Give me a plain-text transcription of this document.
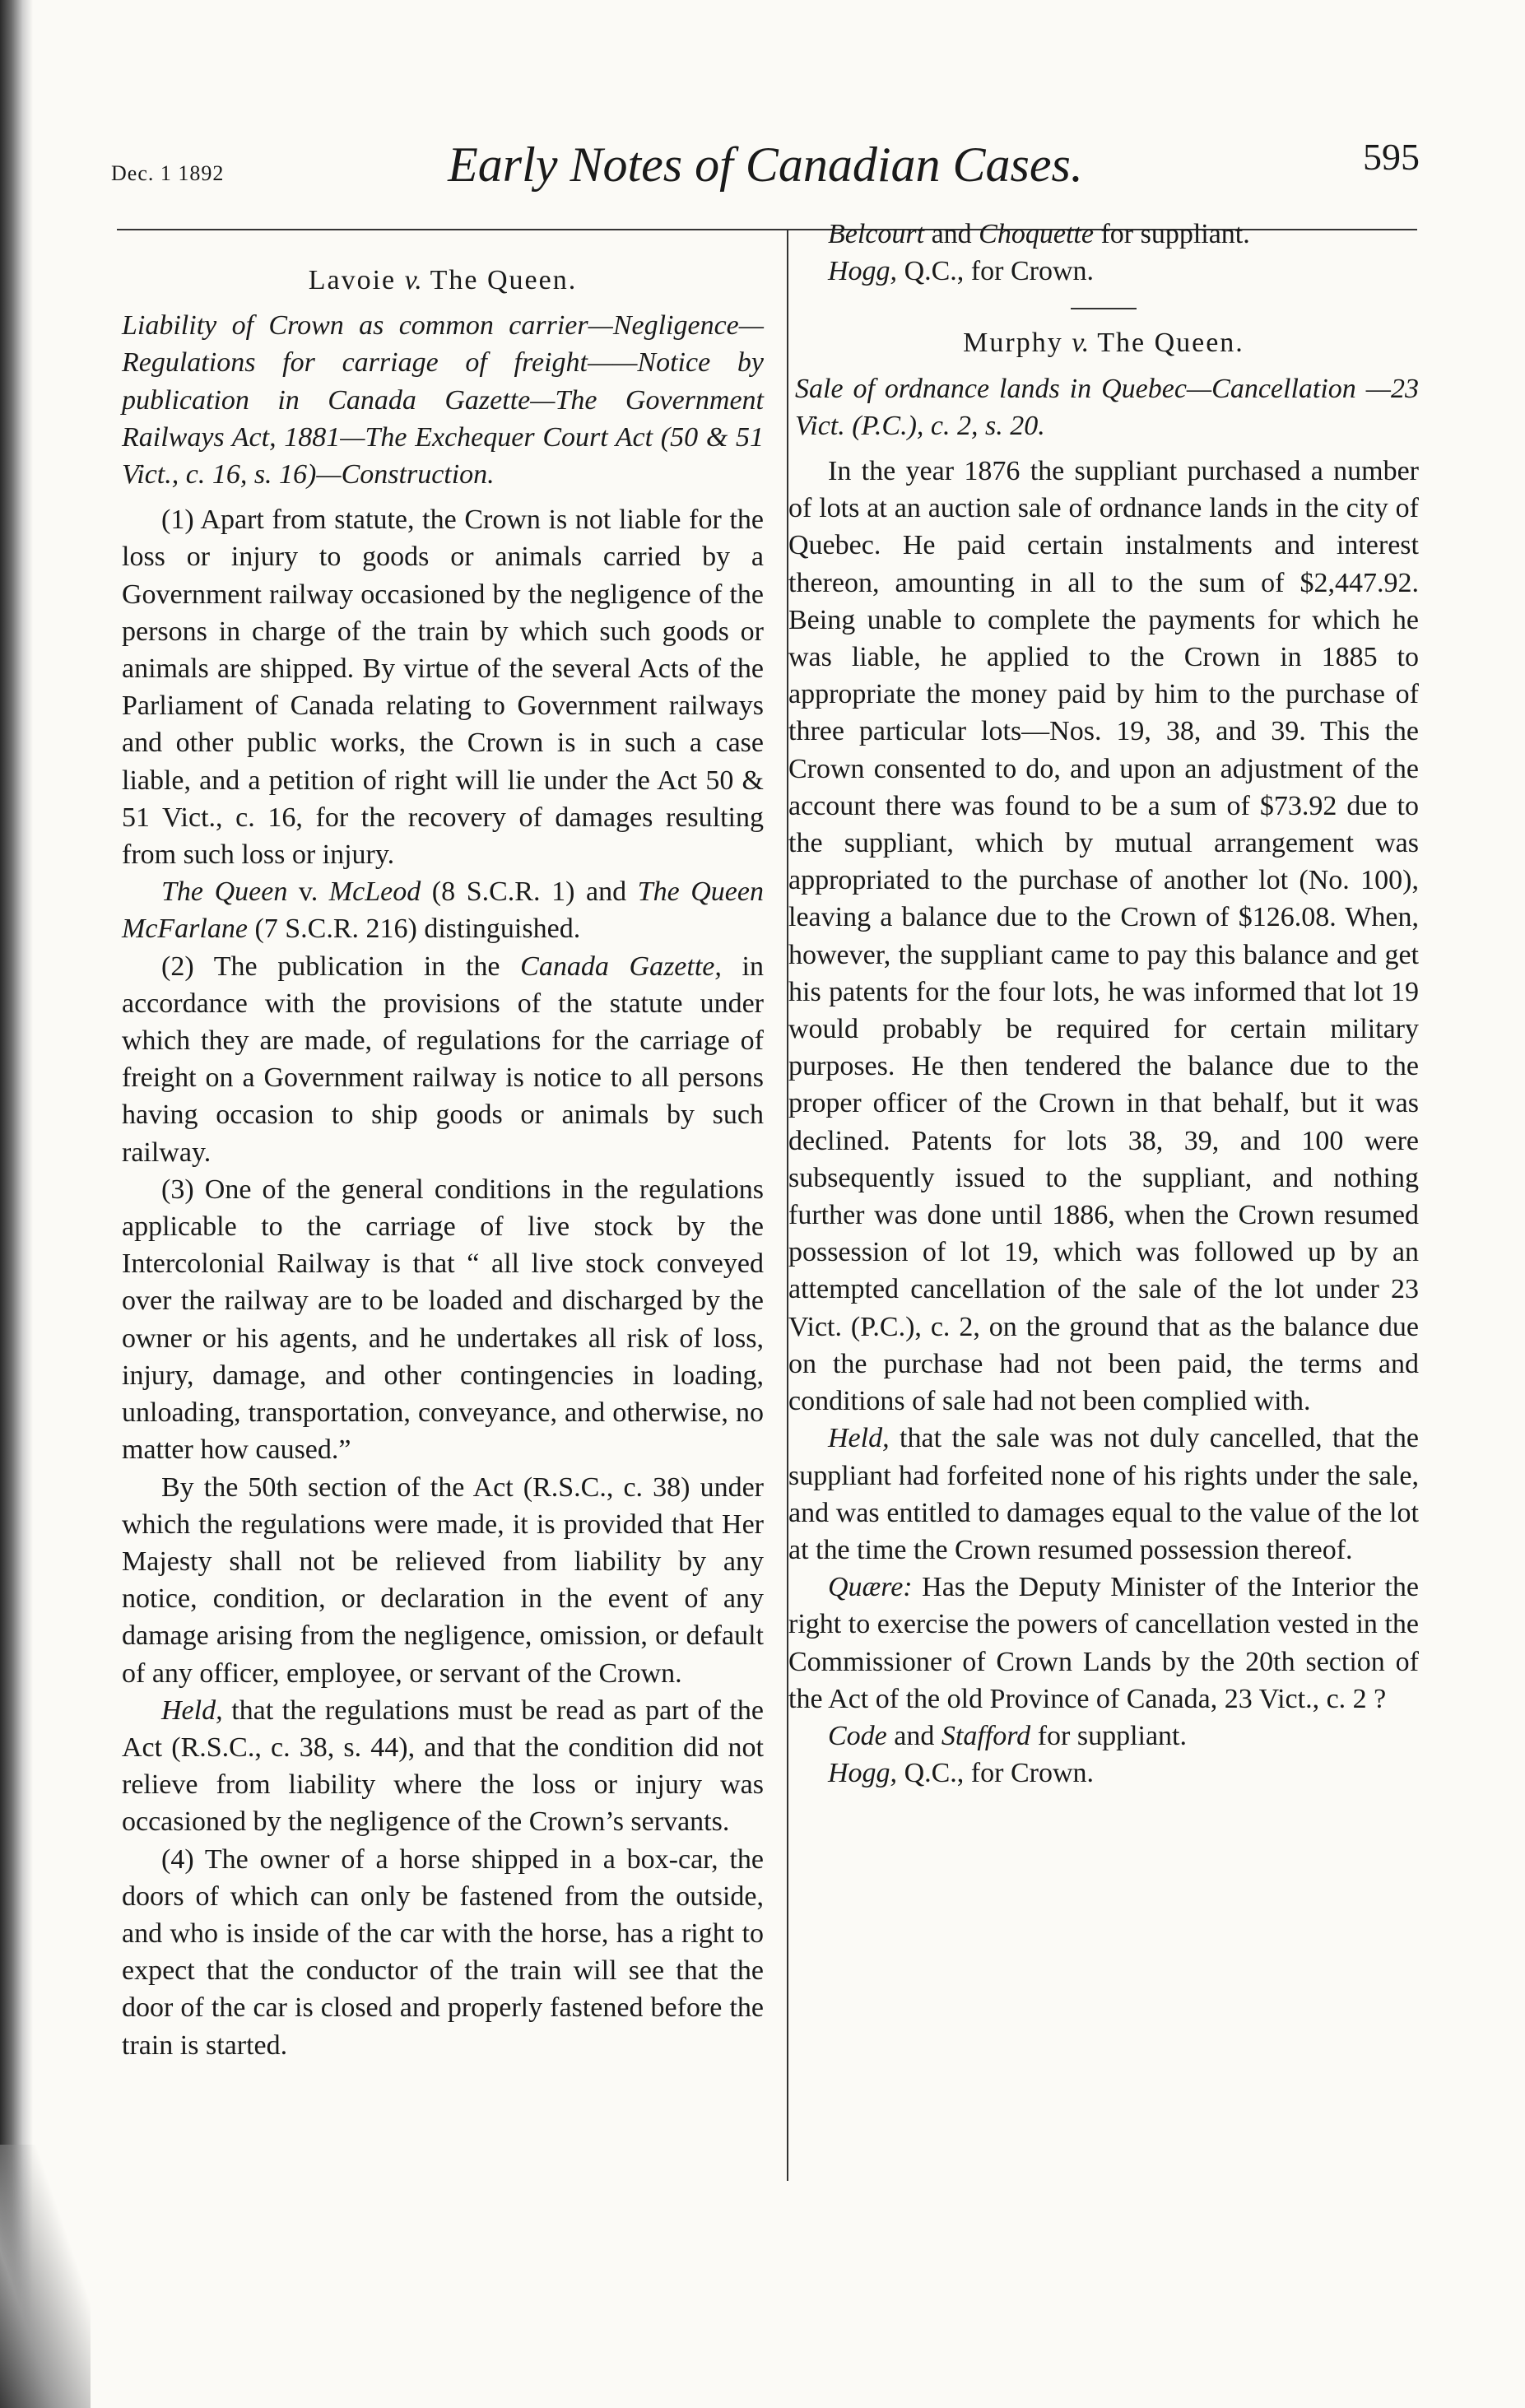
Dec. 1 1892	Early Notes of Canadian Cases.	595
Lavoie v. The Queen.

Liability of Crown as common carrier—Negligence—Regulations for carriage of freight——Notice by publication in Canada Gazette—The Government Railways Act, 1881—The Exchequer Court Act (50 & 51 Vict., c. 16, s. 16)—Construction.

(1) Apart from statute, the Crown is not liable for the loss or injury to goods or animals carried by a Government railway occasioned by the negligence of the persons in charge of the train by which such goods or animals are shipped. By virtue of the several Acts of the Parliament of Canada relating to Government railways and other public works, the Crown is in such a case liable, and a petition of right will lie under the Act 50 & 51 Vict., c. 16, for the recovery of damages resulting from such loss or injury.

The Queen v. McLeod (8 S.C.R. 1) and The Queen McFarlane (7 S.C.R. 216) distinguished.

(2) The publication in the Canada Gazette, in accordance with the provisions of the statute under which they are made, of regulations for the carriage of freight on a Government railway is notice to all persons having occasion to ship goods or animals by such railway.

(3) One of the general conditions in the regulations applicable to the carriage of live stock by the Intercolonial Railway is that “ all live stock conveyed over the railway are to be loaded and discharged by the owner or his agents, and he undertakes all risk of loss, injury, damage, and other contingencies in loading, unloading, transportation, conveyance, and otherwise, no matter how caused.”

By the 50th section of the Act (R.S.C., c. 38) under which the regulations were made, it is provided that Her Majesty shall not be relieved from liability by any notice, condition, or declaration in the event of any damage arising from the negligence, omission, or default of any officer, employee, or servant of the Crown.

Held, that the regulations must be read as part of the Act (R.S.C., c. 38, s. 44), and that the condition did not relieve from liability where the loss or injury was occasioned by the negligence of the Crown’s servants.

(4) The owner of a horse shipped in a box-car, the doors of which can only be fastened from the outside, and who is inside of the car with the horse, has a right to expect that the conductor of the train will see that the door of the car is closed and properly fastened before the train is started.

Belcourt and Choquette for suppliant.

Hogg, Q.C., for Crown.

Murphy v. The Queen.

Sale of ordnance lands in Quebec—Cancellation —23 Vict. (P.C.), c. 2, s. 20.

In the year 1876 the suppliant purchased a number of lots at an auction sale of ordnance lands in the city of Quebec. He paid certain instalments and interest thereon, amounting in all to the sum of $2,447.92. Being unable to complete the payments for which he was liable, he applied to the Crown in 1885 to appropriate the money paid by him to the purchase of three particular lots—Nos. 19, 38, and 39. This the Crown consented to do, and upon an adjustment of the account there was found to be a sum of $73.92 due to the suppliant, which by mutual arrangement was appropriated to the purchase of another lot (No. 100), leaving a balance due to the Crown of $126.08. When, however, the suppliant came to pay this balance and get his patents for the four lots, he was informed that lot 19 would probably be required for certain military purposes. He then tendered the balance due to the proper officer of the Crown in that behalf, but it was declined. Patents for lots 38, 39, and 100 were subsequently issued to the suppliant, and nothing further was done until 1886, when the Crown resumed possession of lot 19, which was followed up by an attempted cancellation of the sale of the lot under 23 Vict. (P.C.), c. 2, on the ground that as the balance due on the purchase had not been paid, the terms and conditions of sale had not been complied with.

Held, that the sale was not duly cancelled, that the suppliant had forfeited none of his rights under the sale, and was entitled to damages equal to the value of the lot at the time the Crown resumed possession thereof.

Quære: Has the Deputy Minister of the Interior the right to exercise the powers of cancellation vested in the Commissioner of Crown Lands by the 20th section of the Act of the old Province of Canada, 23 Vict., c. 2 ?

Code and Stafford for suppliant.

Hogg, Q.C., for Crown.
